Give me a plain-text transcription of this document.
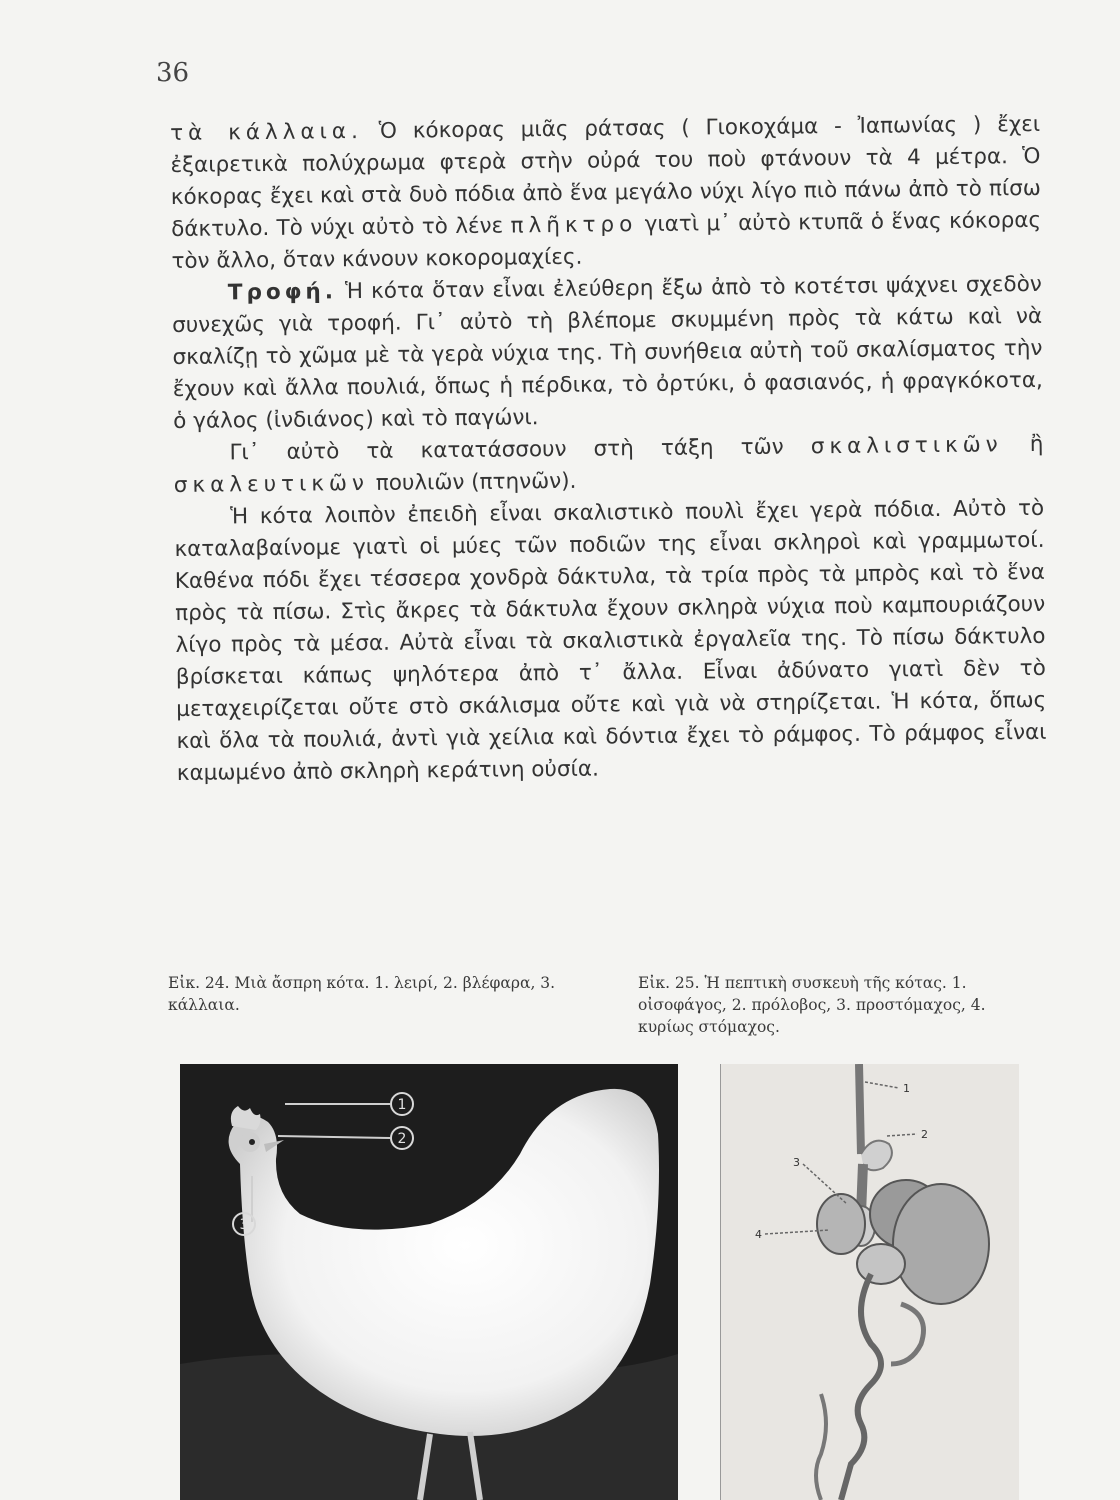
36

τὰ κάλλαια. Ὁ κόκορας μιᾶς ράτσας ( Γιοκοχάμα - Ἰαπωνίας ) ἔχει ἐξαιρετικὰ πολύχρωμα φτερὰ στὴν οὐρά του ποὺ φτάνουν τὰ 4 μέτρα. Ὁ κόκορας ἔχει καὶ στὰ δυὸ πόδια ἀπὸ ἕνα μεγάλο νύχι λίγο πιὸ πάνω ἀπὸ τὸ πίσω δάκτυλο. Τὸ νύχι αὐτὸ τὸ λένε πλῆκτρο γιατὶ μ᾿ αὐτὸ κτυπᾶ ὁ ἕνας κόκορας τὸν ἄλλο, ὅταν κάνουν κοκορομαχίες.

Τροφή. Ἡ κότα ὅταν εἶναι ἐλεύθερη ἔξω ἀπὸ τὸ κοτέτσι ψάχνει σχεδὸν συνεχῶς γιὰ τροφή. Γι᾿ αὐτὸ τὴ βλέπομε σκυμμένη πρὸς τὰ κάτω καὶ νὰ σκαλίζῃ τὸ χῶμα μὲ τὰ γερὰ νύχια της. Τὴ συνήθεια αὐτὴ τοῦ σκαλίσματος τὴν ἔχουν καὶ ἄλλα πουλιά, ὅπως ἡ πέρδικα, τὸ ὀρτύκι, ὁ φασιανός, ἡ φραγκόκοτα, ὁ γάλος (ἰνδιάνος) καὶ τὸ παγώνι.

Γι᾿ αὐτὸ τὰ κατατάσσουν στὴ τάξη τῶν σκαλιστικῶν ἢ σκαλευτικῶν πουλιῶν (πτηνῶν).

Ἡ κότα λοιπὸν ἐπειδὴ εἶναι σκαλιστικὸ πουλὶ ἔχει γερὰ πόδια. Αὐτὸ τὸ καταλαβαίνομε γιατὶ οἱ μύες τῶν ποδιῶν της εἶναι σκληροὶ καὶ γραμμωτοί. Καθένα πόδι ἔχει τέσσερα χονδρὰ δάκτυλα, τὰ τρία πρὸς τὰ μπρὸς καὶ τὸ ἕνα πρὸς τὰ πίσω. Στὶς ἄκρες τὰ δάκτυλα ἔχουν σκληρὰ νύχια ποὺ καμπουριάζουν λίγο πρὸς τὰ μέσα. Αὐτὰ εἶναι τὰ σκαλιστικὰ ἐργαλεῖα της. Τὸ πίσω δάκτυλο βρίσκεται κάπως ψηλότερα ἀπὸ τ᾿ ἄλλα. Εἶναι ἀδύνατο γιατὶ δὲν τὸ μεταχειρίζεται οὔτε στὸ σκάλισμα οὔτε καὶ γιὰ νὰ στηρίζεται. Ἡ κότα, ὅπως καὶ ὅλα τὰ πουλιά, ἀντὶ γιὰ χείλια καὶ δόντια ἔχει τὸ ράμφος. Τὸ ράμφος εἶναι καμωμένο ἀπὸ σκληρὴ κεράτινη οὐσία.

Εἰκ. 24. Μιὰ ἄσπρη κότα. 1. λειρί, 2. βλέφαρα, 3. κάλλαια.
Εἰκ. 25. Ἡ πεπτικὴ συσκευὴ τῆς κότας. 1. οἰσοφάγος, 2. πρόλοβος, 3. προστόμαχος, 4. κυρίως στόμαχος.
1
2
3
1
2
3
4
